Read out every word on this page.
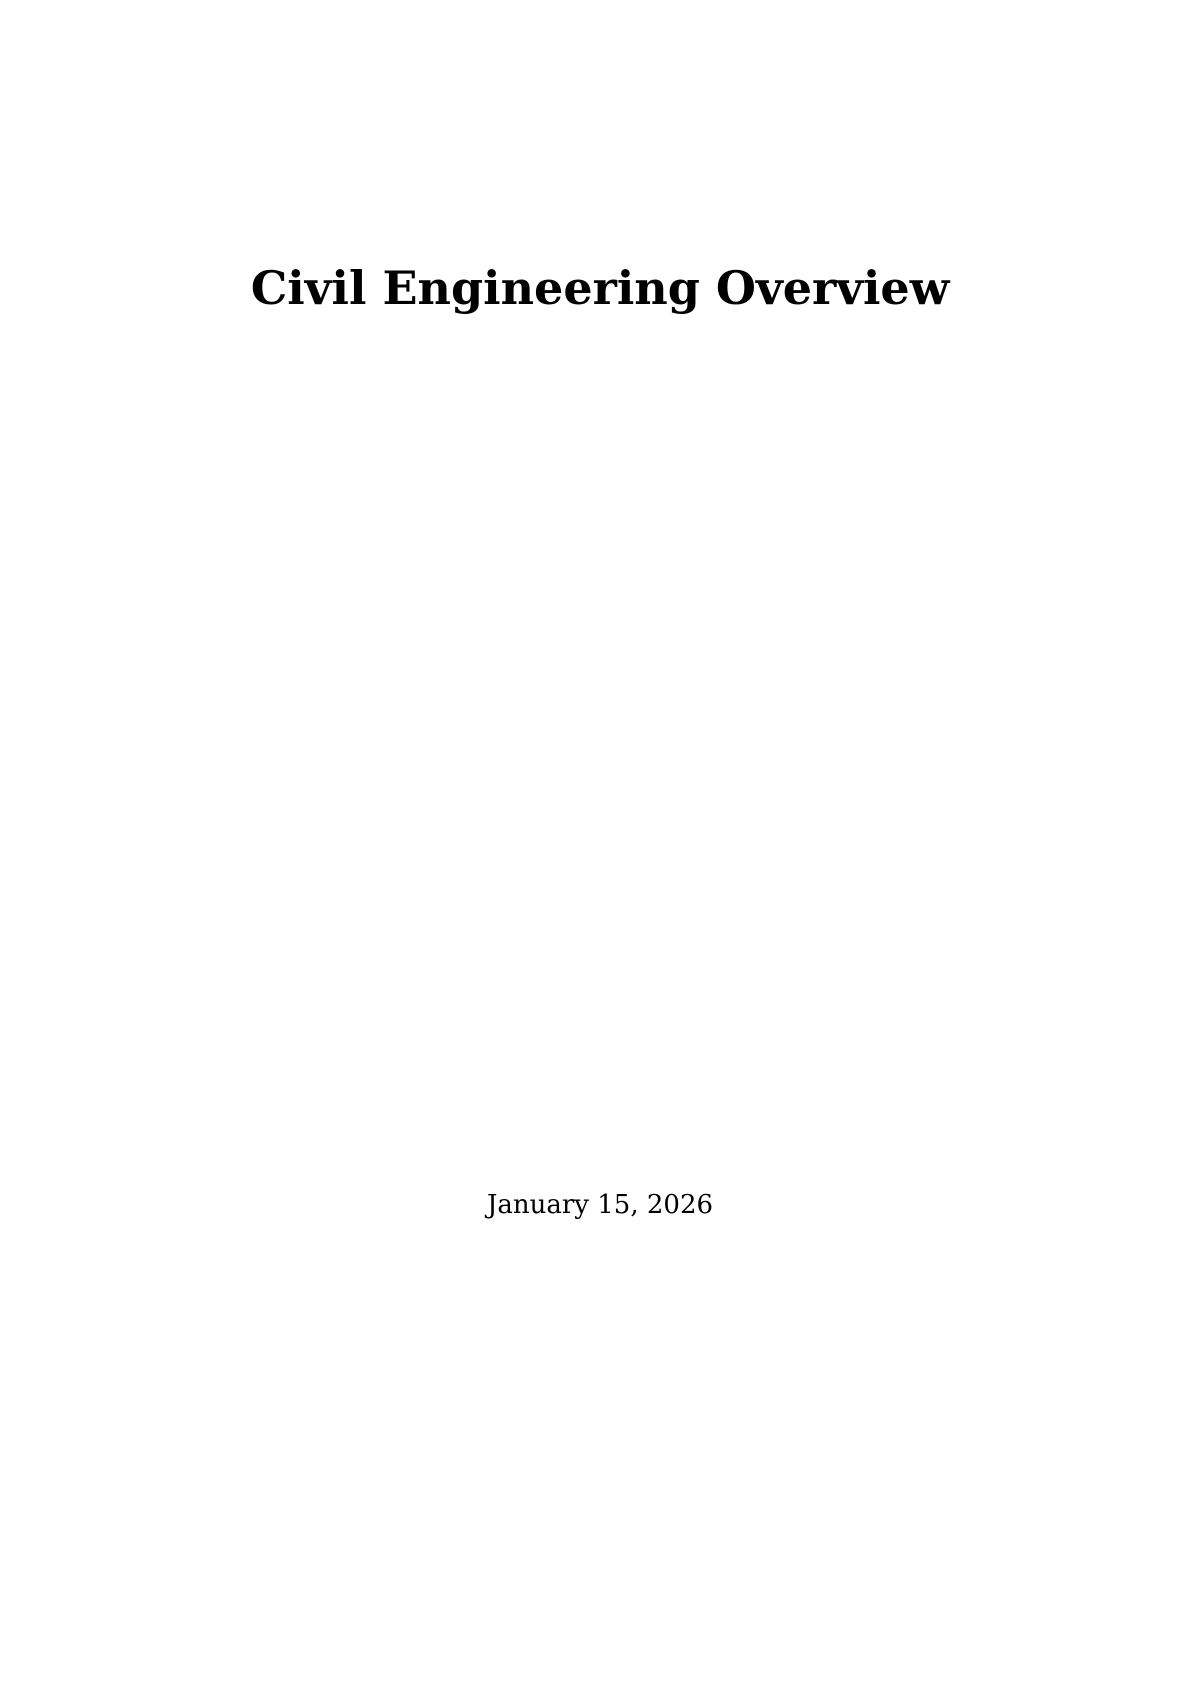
Civil Engineering Overview

January 15, 2026
